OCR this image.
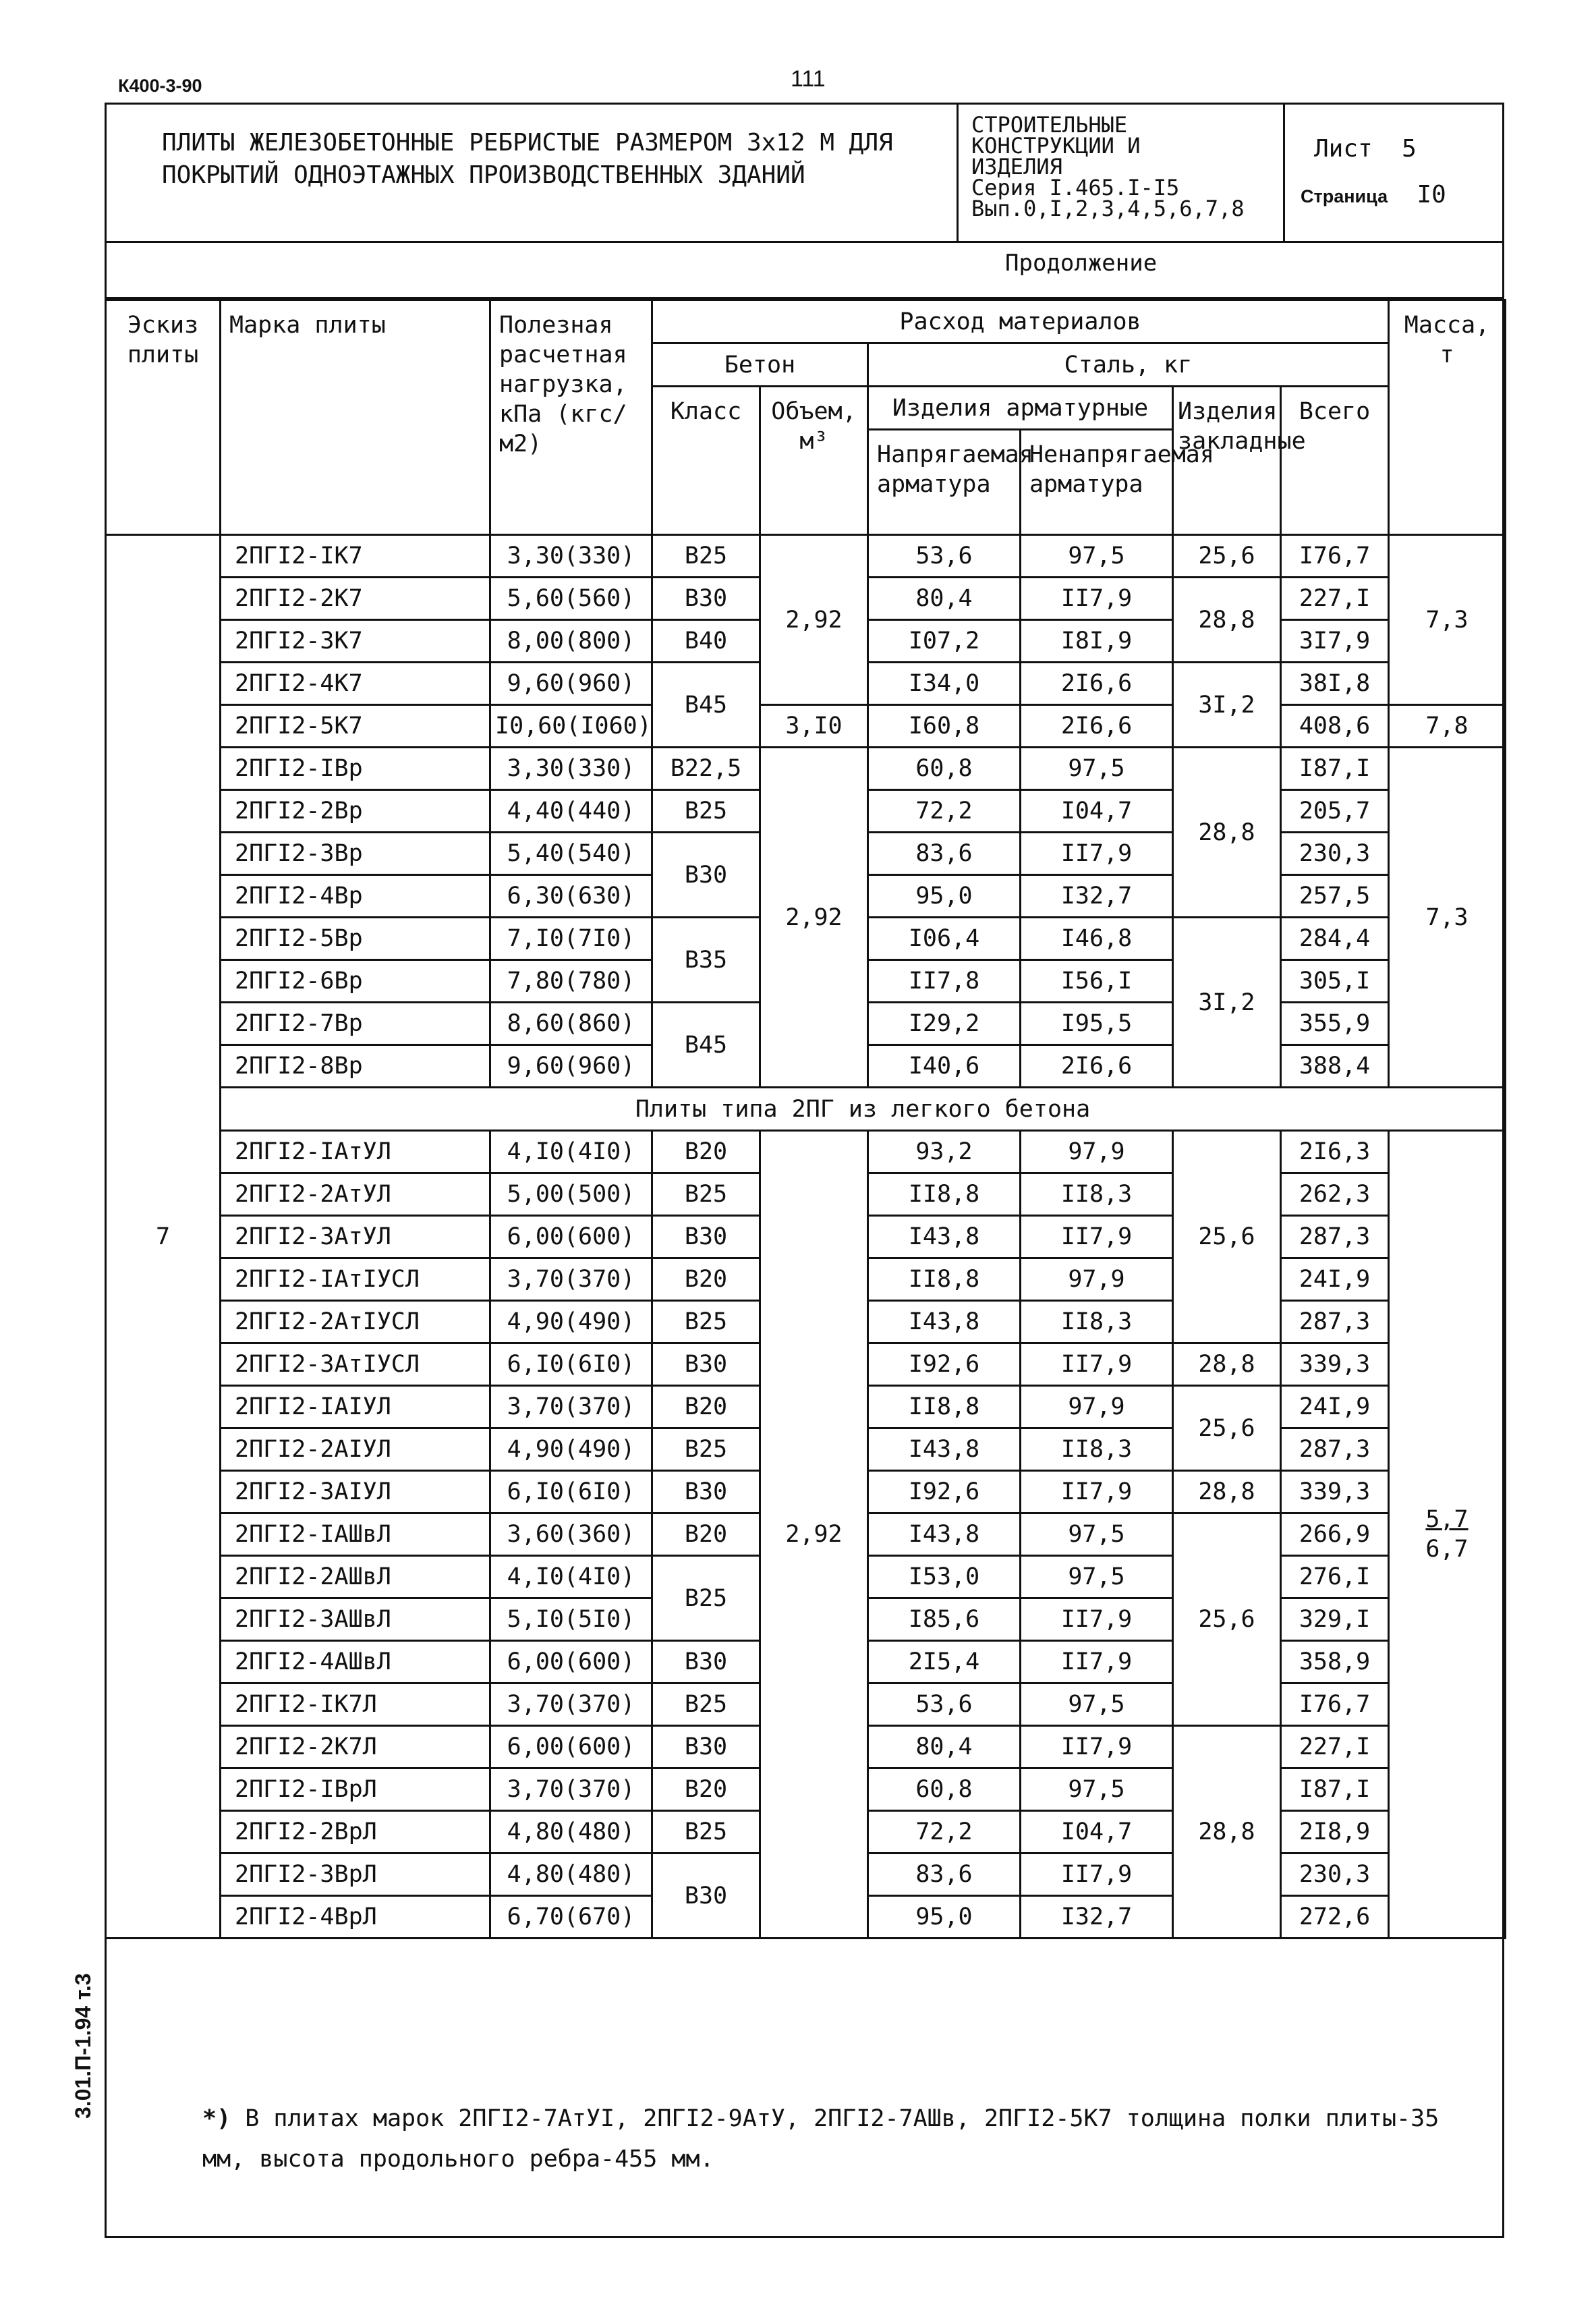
К400-3-90	111
3.01.П-1.94 т.3
ПЛИТЫ ЖЕЛЕЗОБЕТОННЫЕ РЕБРИСТЫЕ РАЗМЕРОМ 3х12 М ДЛЯ ПОКРЫТИЙ ОДНОЭТАЖНЫХ ПРОИЗВОДСТВЕННЫХ ЗДАНИЙ
СТРОИТЕЛЬНЫЕ
КОНСТРУКЦИИ И
ИЗДЕЛИЯ
Серия I.465.I-I5
Вып.0,I,2,3,4,5,6,7,8
Лист 5
Страница I0
Продолжение
Эскиз плиты	Марка плиты	Полезная расчетная нагрузка, кПа (кгс/м2)	Расход материалов						Масса, т
			Бетон		Сталь, кг				
			Класс	Объем, м³	Изделия арматурные		Изделия закладные	Всего	
					Напрягаемая арматура	Ненапрягаемая арматура			
7	2ПГI2-IК7	3,30(330)	B25	2,92	53,6	97,5	25,6	I76,7	7,3
	2ПГI2-2К7	5,60(560)	B30		80,4	II7,9	28,8	227,I	
	2ПГI2-3К7	8,00(800)	B40		I07,2	I8I,9		3I7,9	
	2ПГI2-4К7	9,60(960)	B45		I34,0	2I6,6	3I,2	38I,8	
	2ПГI2-5К7	I0,60(I060)		3,I0	I60,8	2I6,6		408,6	7,8
	2ПГI2-IВр	3,30(330)	B22,5	2,92	60,8	97,5	28,8	I87,I	7,3
	2ПГI2-2Вр	4,40(440)	B25		72,2	I04,7		205,7	
	2ПГI2-3Вр	5,40(540)	B30		83,6	II7,9		230,3	
	2ПГI2-4Вр	6,30(630)			95,0	I32,7		257,5	
	2ПГI2-5Вр	7,I0(7I0)	B35		I06,4	I46,8	3I,2	284,4	
	2ПГI2-6Вр	7,80(780)			II7,8	I56,I		305,I	
	2ПГI2-7Вр	8,60(860)	B45		I29,2	I95,5		355,9	
	2ПГI2-8Вр	9,60(960)			I40,6	2I6,6		388,4	
	Плиты типа 2ПГ из легкого бетона								
	2ПГI2-IАтУЛ	4,I0(4I0)	B20	2,92	93,2	97,9	25,6	2I6,3	$\frac{5,7}{6,7}$
	2ПГI2-2АтУЛ	5,00(500)	B25		II8,8	II8,3		262,3	
	2ПГI2-3АтУЛ	6,00(600)	B30		I43,8	II7,9		287,3	
	2ПГI2-IАтIУСЛ	3,70(370)	B20		II8,8	97,9		24I,9	
	2ПГI2-2АтIУСЛ	4,90(490)	B25		I43,8	II8,3		287,3	
	2ПГI2-3АтIУСЛ	6,I0(6I0)	B30		I92,6	II7,9	28,8	339,3	
	2ПГI2-IАIУЛ	3,70(370)	B20		II8,8	97,9	25,6	24I,9	
	2ПГI2-2АIУЛ	4,90(490)	B25		I43,8	II8,3		287,3	
	2ПГI2-3АIУЛ	6,I0(6I0)	B30		I92,6	II7,9	28,8	339,3	
	2ПГI2-IАШвЛ	3,60(360)	B20		I43,8	97,5	25,6	266,9	
	2ПГI2-2АШвЛ	4,I0(4I0)	B25		I53,0	97,5		276,I	
	2ПГI2-3АШвЛ	5,I0(5I0)			I85,6	II7,9		329,I	
	2ПГI2-4АШвЛ	6,00(600)	B30		2I5,4	II7,9		358,9	
	2ПГI2-IК7Л	3,70(370)	B25		53,6	97,5		I76,7	
	2ПГI2-2К7Л	6,00(600)	B30		80,4	II7,9	28,8	227,I	
	2ПГI2-IВрЛ	3,70(370)	B20		60,8	97,5		I87,I	
	2ПГI2-2ВрЛ	4,80(480)	B25		72,2	I04,7		2I8,9	
	2ПГI2-3ВрЛ	4,80(480)	B30		83,6	II7,9		230,3	
	2ПГI2-4ВрЛ	6,70(670)			95,0	I32,7		272,6	
*) В плитах марок 2ПГI2-7АтУI, 2ПГI2-9АтУ, 2ПГI2-7АШв, 2ПГI2-5К7 толщина полки плиты-35 мм, высота продольного ребра-455 мм.
